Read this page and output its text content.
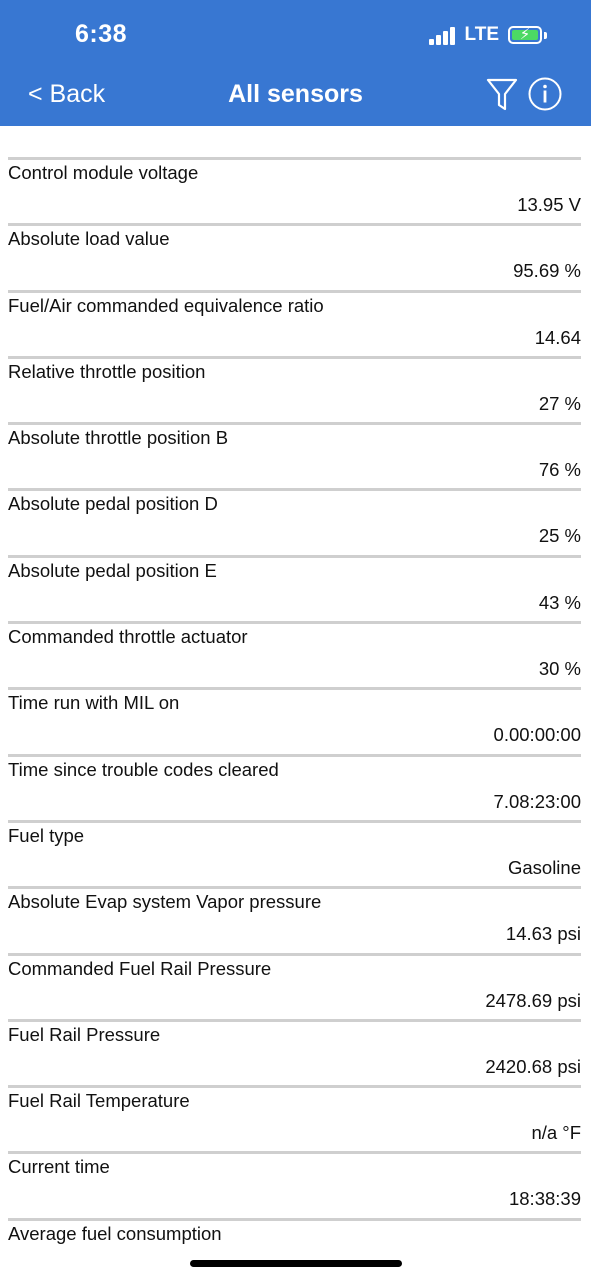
6:38	LTE	⚡
< Back	All sensors
Control module voltage
13.95 V
Absolute load value
95.69 %
Fuel/Air commanded equivalence ratio
14.64
Relative throttle position
27 %
Absolute throttle position B
76 %
Absolute pedal position D
25 %
Absolute pedal position E
43 %
Commanded throttle actuator
30 %
Time run with MIL on
0.00:00:00
Time since trouble codes cleared
7.08:23:00
Fuel type
Gasoline
Absolute Evap system Vapor pressure
14.63 psi
Commanded Fuel Rail Pressure
2478.69 psi
Fuel Rail Pressure
2420.68 psi
Fuel Rail Temperature
n/a °F
Current time
18:38:39
Average fuel consumption
